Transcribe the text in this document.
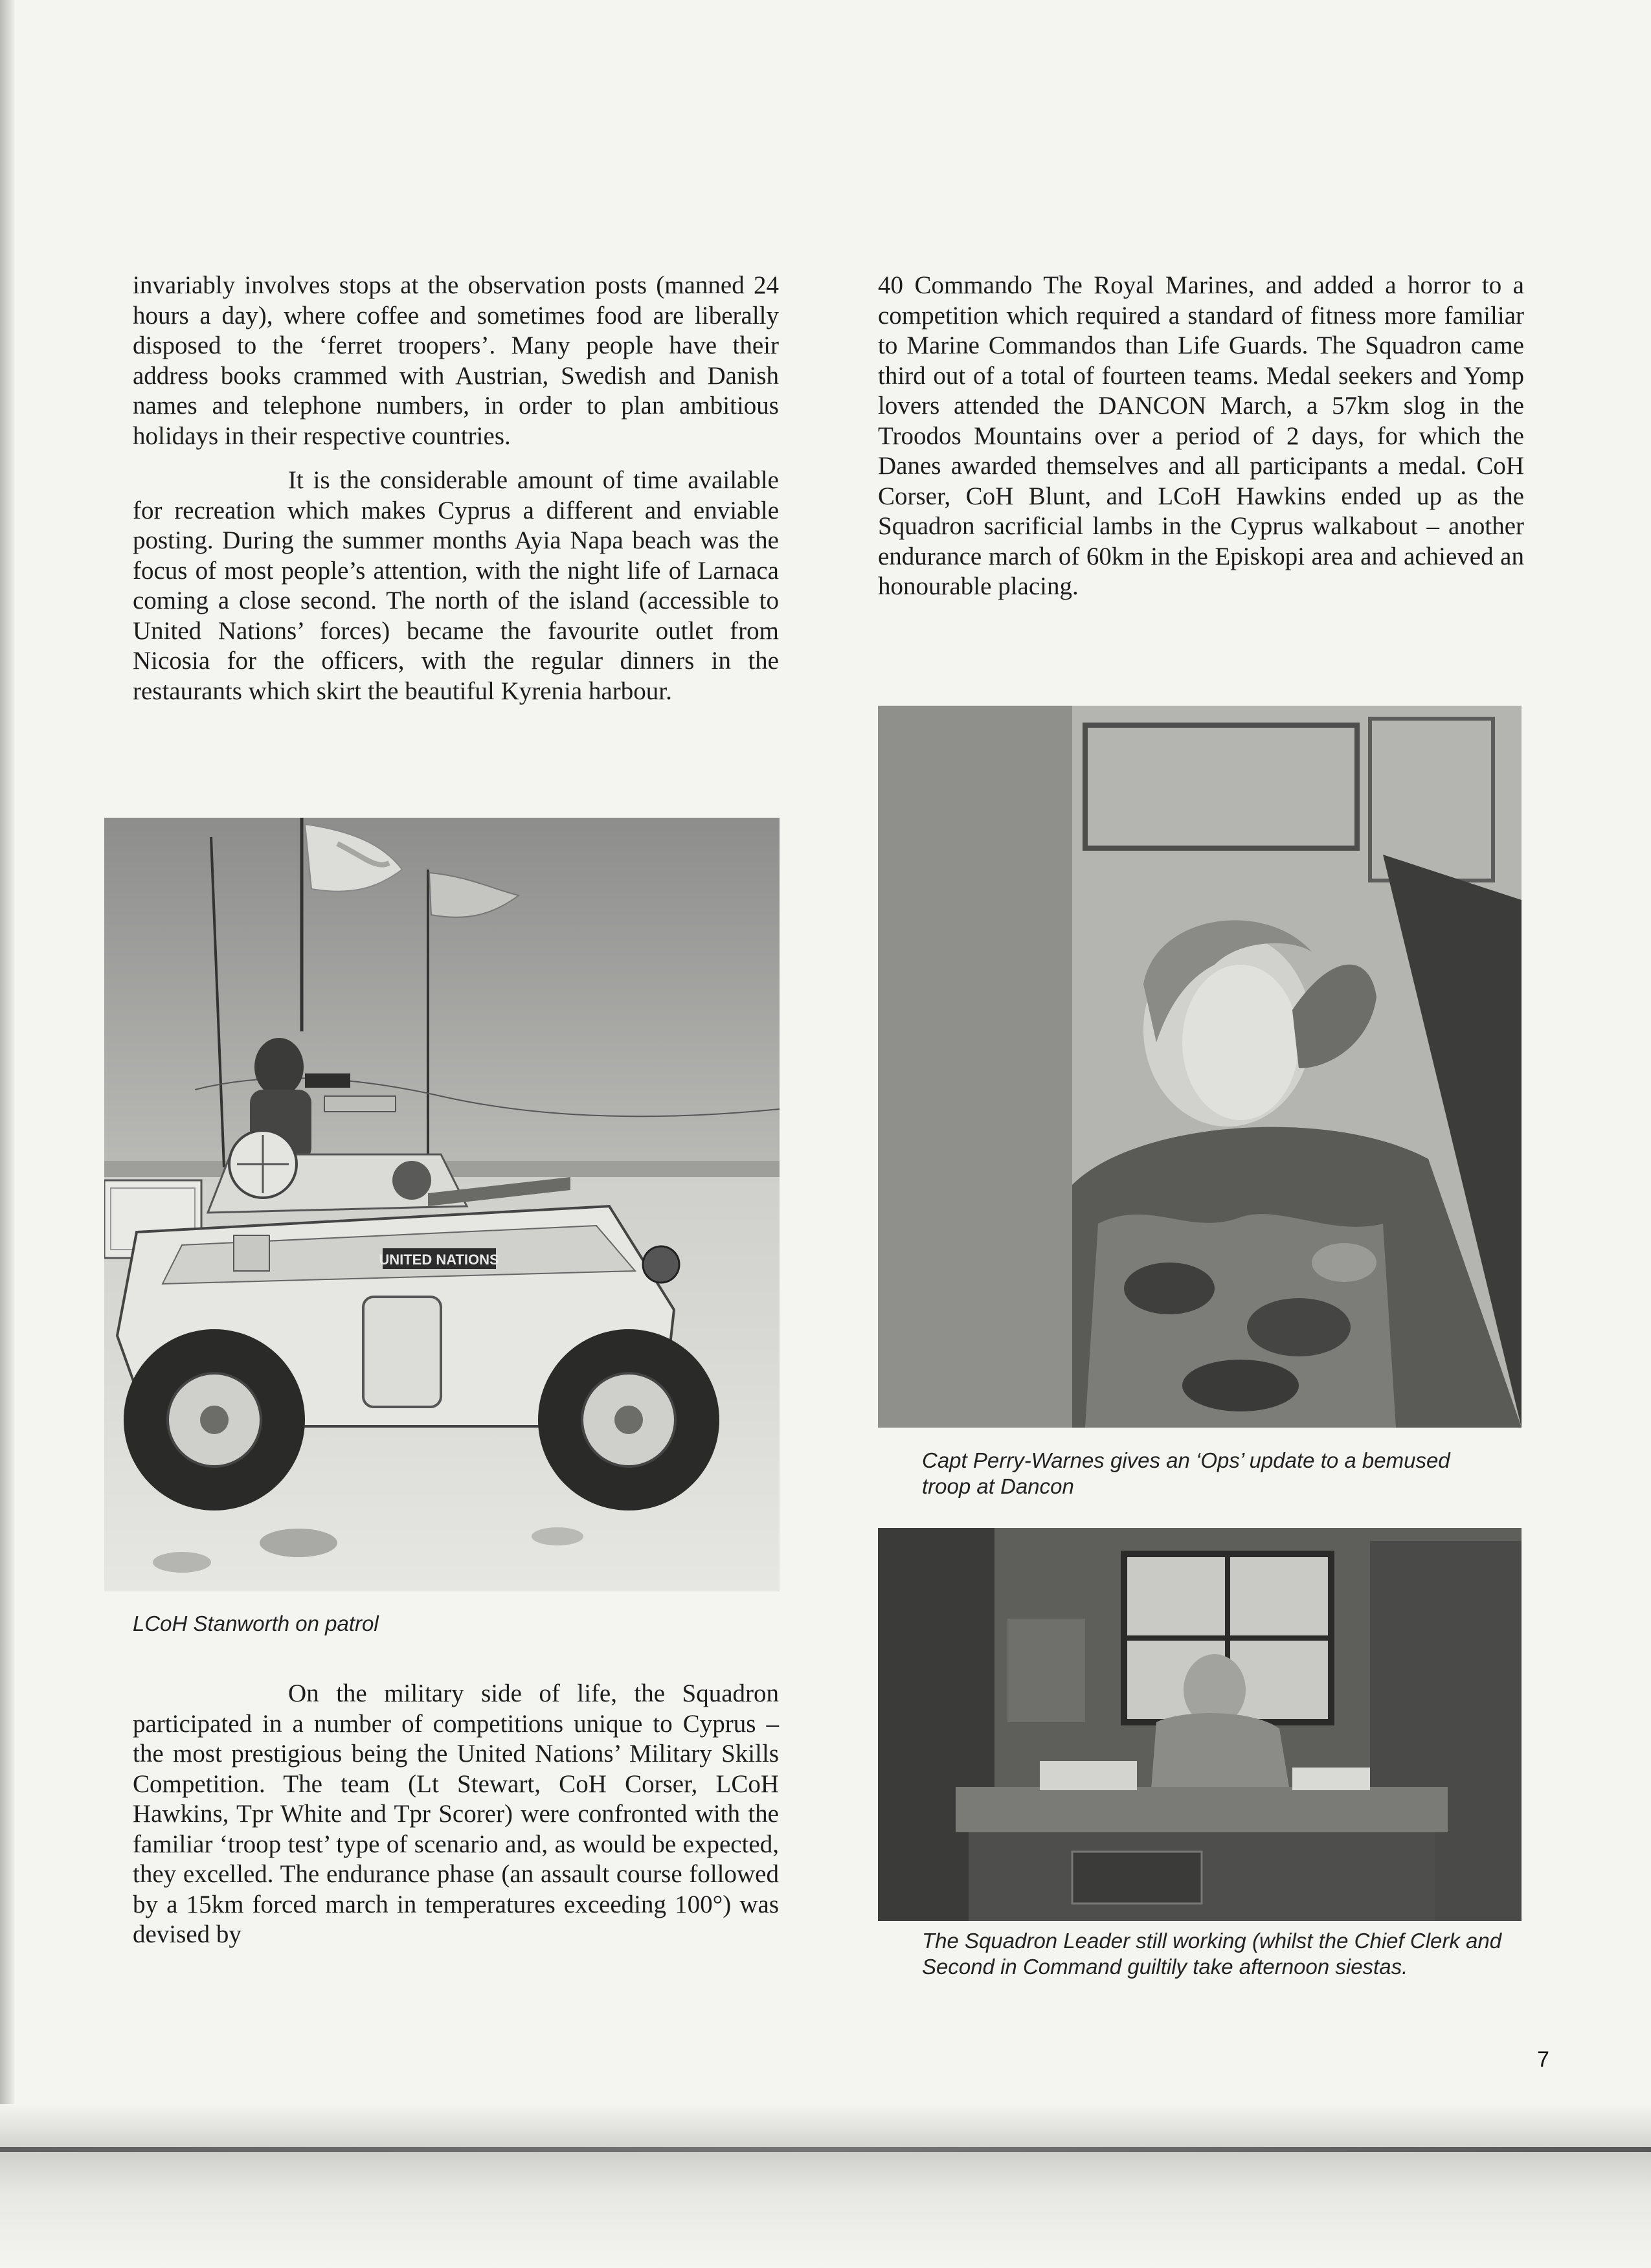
invariably involves stops at the observation posts (manned 24 hours a day), where coffee and sometimes food are liberally disposed to the ‘ferret troopers’. Many people have their address books crammed with Austrian, Swedish and Danish names and telephone numbers, in order to plan ambitious holidays in their respective countries.

It is the considerable amount of time available for recreation which makes Cyprus a different and enviable posting. During the summer months Ayia Napa beach was the focus of most people’s attention, with the night life of Larnaca coming a close second. The north of the island (accessible to United Nations’ forces) became the favourite outlet from Nicosia for the officers, with the regular dinners in the restaurants which skirt the beautiful Kyrenia harbour.

40 Commando The Royal Marines, and added a horror to a competition which required a standard of fitness more familiar to Marine Commandos than Life Guards. The Squadron came third out of a total of fourteen teams. Medal seekers and Yomp lovers attended the DANCON March, a 57km slog in the Troodos Mountains over a period of 2 days, for which the Danes awarded themselves and all participants a medal. CoH Corser, CoH Blunt, and LCoH Hawkins ended up as the Squadron sacrificial lambs in the Cyprus walkabout – another endurance march of 60km in the Episkopi area and achieved an honourable placing.

UNITED NATIONS
LCoH Stanworth on patrol

On the military side of life, the Squadron participated in a number of competitions unique to Cyprus – the most prestigious being the United Nations’ Military Skills Competition. The team (Lt Stewart, CoH Corser, LCoH Hawkins, Tpr White and Tpr Scorer) were confronted with the familiar ‘troop test’ type of scenario and, as would be expected, they excelled. The endurance phase (an assault course followed by a 15km forced march in temperatures exceeding 100°) was devised by

Capt Perry-Warnes gives an ‘Ops’ update to a bemused troop at Dancon
The Squadron Leader still working (whilst the Chief Clerk and Second in Command guiltily take afternoon siestas.
7
